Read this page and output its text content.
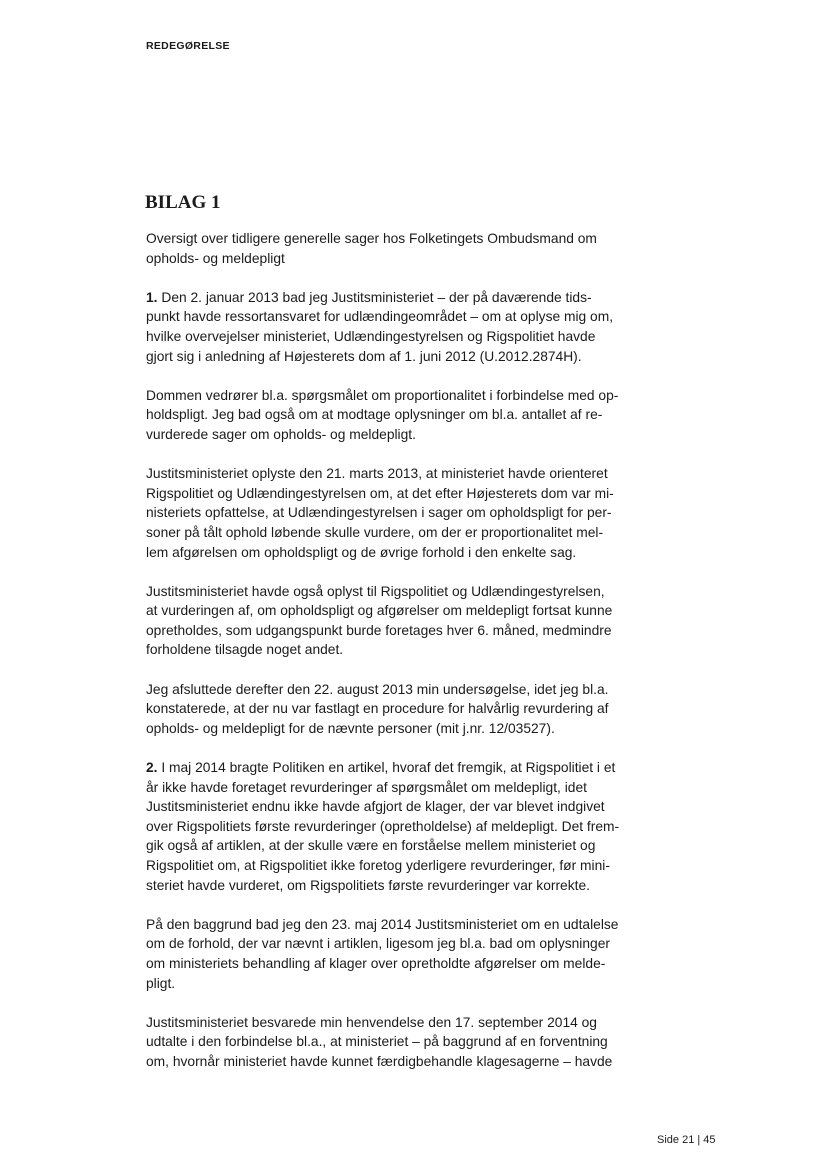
REDEGØRELSE
BILAG 1

Oversigt over tidligere generelle sager hos Folketingets Ombudsmand om
opholds- og meldepligt

1. Den 2. januar 2013 bad jeg Justitsministeriet – der på daværende tids-
punkt havde ressortansvaret for udlændingeområdet – om at oplyse mig om,
hvilke overvejelser ministeriet, Udlændingestyrelsen og Rigspolitiet havde
gjort sig i anledning af Højesterets dom af 1. juni 2012 (U.2012.2874H).

Dommen vedrører bl.a. spørgsmålet om proportionalitet i forbindelse med op-
holdspligt. Jeg bad også om at modtage oplysninger om bl.a. antallet af re-
vurderede sager om opholds- og meldepligt.

Justitsministeriet oplyste den 21. marts 2013, at ministeriet havde orienteret
Rigspolitiet og Udlændingestyrelsen om, at det efter Højesterets dom var mi-
nisteriets opfattelse, at Udlændingestyrelsen i sager om opholdspligt for per-
soner på tålt ophold løbende skulle vurdere, om der er proportionalitet mel-
lem afgørelsen om opholdspligt og de øvrige forhold i den enkelte sag.

Justitsministeriet havde også oplyst til Rigspolitiet og Udlændingestyrelsen,
at vurderingen af, om opholdspligt og afgørelser om meldepligt fortsat kunne
opretholdes, som udgangspunkt burde foretages hver 6. måned, medmindre
forholdene tilsagde noget andet.

Jeg afsluttede derefter den 22. august 2013 min undersøgelse, idet jeg bl.a.
konstaterede, at der nu var fastlagt en procedure for halvårlig revurdering af
opholds- og meldepligt for de nævnte personer (mit j.nr. 12/03527).

2. I maj 2014 bragte Politiken en artikel, hvoraf det fremgik, at Rigspolitiet i et
år ikke havde foretaget revurderinger af spørgsmålet om meldepligt, idet
Justitsministeriet endnu ikke havde afgjort de klager, der var blevet indgivet
over Rigspolitiets første revurderinger (opretholdelse) af meldepligt. Det frem-
gik også af artiklen, at der skulle være en forståelse mellem ministeriet og
Rigspolitiet om, at Rigspolitiet ikke foretog yderligere revurderinger, før mini-
steriet havde vurderet, om Rigspolitiets første revurderinger var korrekte.

På den baggrund bad jeg den 23. maj 2014 Justitsministeriet om en udtalelse
om de forhold, der var nævnt i artiklen, ligesom jeg bl.a. bad om oplysninger
om ministeriets behandling af klager over opretholdte afgørelser om melde-
pligt.

Justitsministeriet besvarede min henvendelse den 17. september 2014 og
udtalte i den forbindelse bl.a., at ministeriet – på baggrund af en forventning
om, hvornår ministeriet havde kunnet færdigbehandle klagesagerne – havde

Side 21 | 45
